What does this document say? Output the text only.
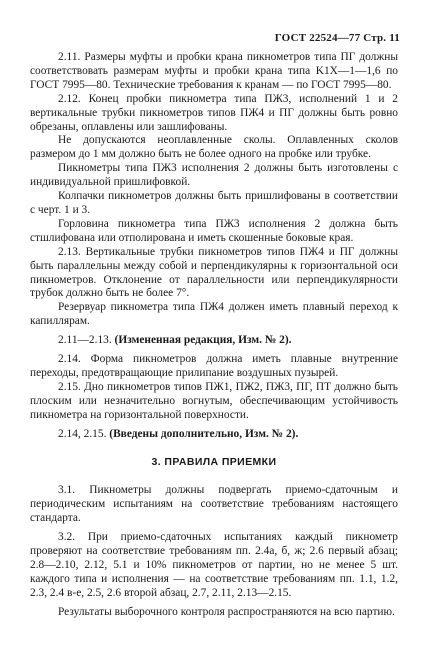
ГОСТ 22524—77 Стр. 11

2.11. Размеры муфты и пробки крана пикнометров типа ПГ должны соответствовать размерам муфты и пробки крана типа K1X—1—1,6 по ГОСТ 7995—80. Технические требования к кранам — по ГОСТ 7995—80.

2.12. Конец пробки пикнометра типа ПЖ3, исполнений 1 и 2 вертикальные трубки пикнометров типов ПЖ4 и ПГ должны быть ровно обрезаны, оплавлены или зашлифованы.

Не допускаются неоплавленные сколы. Оплавленных сколов размером до 1 мм должно быть не более одного на пробке или трубке.

Пикнометры типа ПЖ3 исполнения 2 должны быть изготовлены с индивидуальной пришлифовкой.

Колпачки пикнометров должны быть пришлифованы в соответствии с черт. 1 и 3.

Горловина пикнометра типа ПЖ3 исполнения 2 должна быть стшлифована или отполирована и иметь скошенные боковые края.

2.13. Вертикальные трубки пикнометров типов ПЖ4 и ПГ должны быть параллельны между собой и перпендикулярны к горизонтальной оси пикнометров. Отклонение от параллельности или перпендикулярности трубок должно быть не более 7°.

Резервуар пикнометра типа ПЖ4 должен иметь плавный переход к капиллярам.

2.11—2.13. (Измененная редакция, Изм. № 2).

2.14. Форма пикнометров должна иметь плавные внутренние переходы, предотвращающие прилипание воздушных пузырей.

2.15. Дно пикнометров типов ПЖ1, ПЖ2, ПЖ3, ПГ, ПТ должно быть плоским или незначительно вогнутым, обеспечивающим устойчивость пикнометра на горизонтальной поверхности.

2.14, 2.15. (Введены дополнительно, Изм. № 2).

3. ПРАВИЛА ПРИЕМКИ

3.1. Пикнометры должны подвергать приемо-сдаточным и периодическим испытаниям на соответствие требованиям настоящего стандарта.

3.2. При приемо-сдаточных испытаниях каждый пикнометр проверяют на соответствие требованиям пп. 2.4а, б, ж; 2.6 первый абзац; 2.8—2.10, 2.12, 5.1 и 10% пикнометров от партии, но не менее 5 шт. каждого типа и исполнения — на соответствие требованиям пп. 1.1, 1.2, 2.3, 2.4 в-е, 2.5, 2.6 второй абзац, 2.7, 2.11, 2.13—2.15.

Результаты выборочного контроля распространяются на всю партию.
